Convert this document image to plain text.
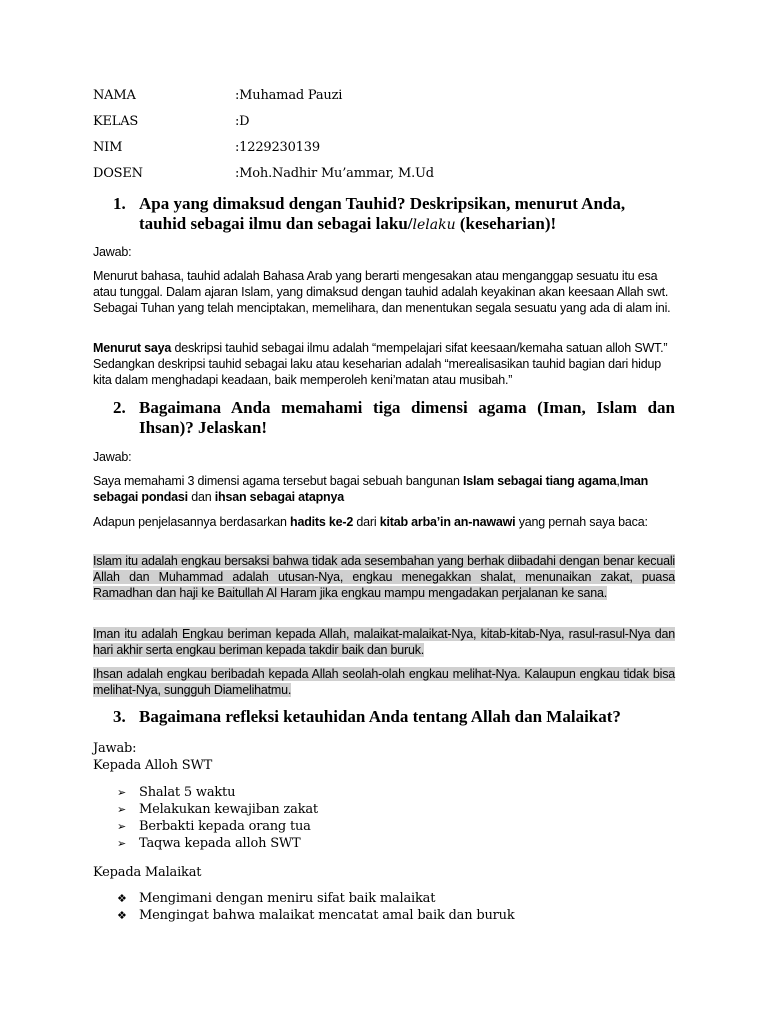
NAMA	:Muhamad Pauzi
KELAS	:D
NIM	:1229230139
DOSEN	:Moh.Nadhir Mu’ammar, M.Ud
1. Apa yang dimaksud dengan Tauhid? Deskripsikan, menurut Anda, tauhid sebagai ilmu dan sebagai laku/lelaku (keseharian)!
Jawab:
Menurut bahasa, tauhid adalah Bahasa Arab yang berarti mengesakan atau menganggap sesuatu itu esa atau tunggal. Dalam ajaran Islam, yang dimaksud dengan tauhid adalah keyakinan akan keesaan Allah swt. Sebagai Tuhan yang telah menciptakan, memelihara, dan menentukan segala sesuatu yang ada di alam ini.
Menurut saya deskripsi tauhid sebagai ilmu adalah “mempelajari sifat keesaan/kemaha satuan alloh SWT.” Sedangkan deskripsi tauhid sebagai laku atau keseharian adalah “merealisasikan tauhid bagian dari hidup kita dalam menghadapi keadaan, baik memperoleh keni’matan atau musibah.”
2. Bagaimana Anda memahami tiga dimensi agama (Iman, Islam dan Ihsan)? Jelaskan!
Jawab:
Saya memahami 3 dimensi agama tersebut bagai sebuah bangunan Islam sebagai tiang agama,Iman sebagai pondasi dan ihsan sebagai atapnya
Adapun penjelasannya berdasarkan hadits ke-2 dari kitab arba’in an-nawawi yang pernah saya baca:
Islam itu adalah engkau bersaksi bahwa tidak ada sesembahan yang berhak diibadahi dengan benar kecuali Allah dan Muhammad adalah utusan-Nya, engkau menegakkan shalat, menunaikan zakat, puasa Ramadhan dan haji ke Baitullah Al Haram jika engkau mampu mengadakan perjalanan ke sana.
Iman itu adalah Engkau beriman kepada Allah, malaikat-malaikat-Nya, kitab-kitab-Nya, rasul-rasul-Nya dan hari akhir serta engkau beriman kepada takdir baik dan buruk.
Ihsan adalah engkau beribadah kepada Allah seolah-olah engkau melihat-Nya. Kalaupun engkau tidak bisa melihat-Nya, sungguh Diamelihatmu.
3. Bagaimana refleksi ketauhidan Anda tentang Allah dan Malaikat?
Jawab:
Kepada Alloh SWT
➢ Shalat 5 waktu
➢ Melakukan kewajiban zakat
➢ Berbakti kepada orang tua
➢ Taqwa kepada alloh SWT
Kepada Malaikat
❖ Mengimani dengan meniru sifat baik malaikat
❖ Mengingat bahwa malaikat mencatat amal baik dan buruk
